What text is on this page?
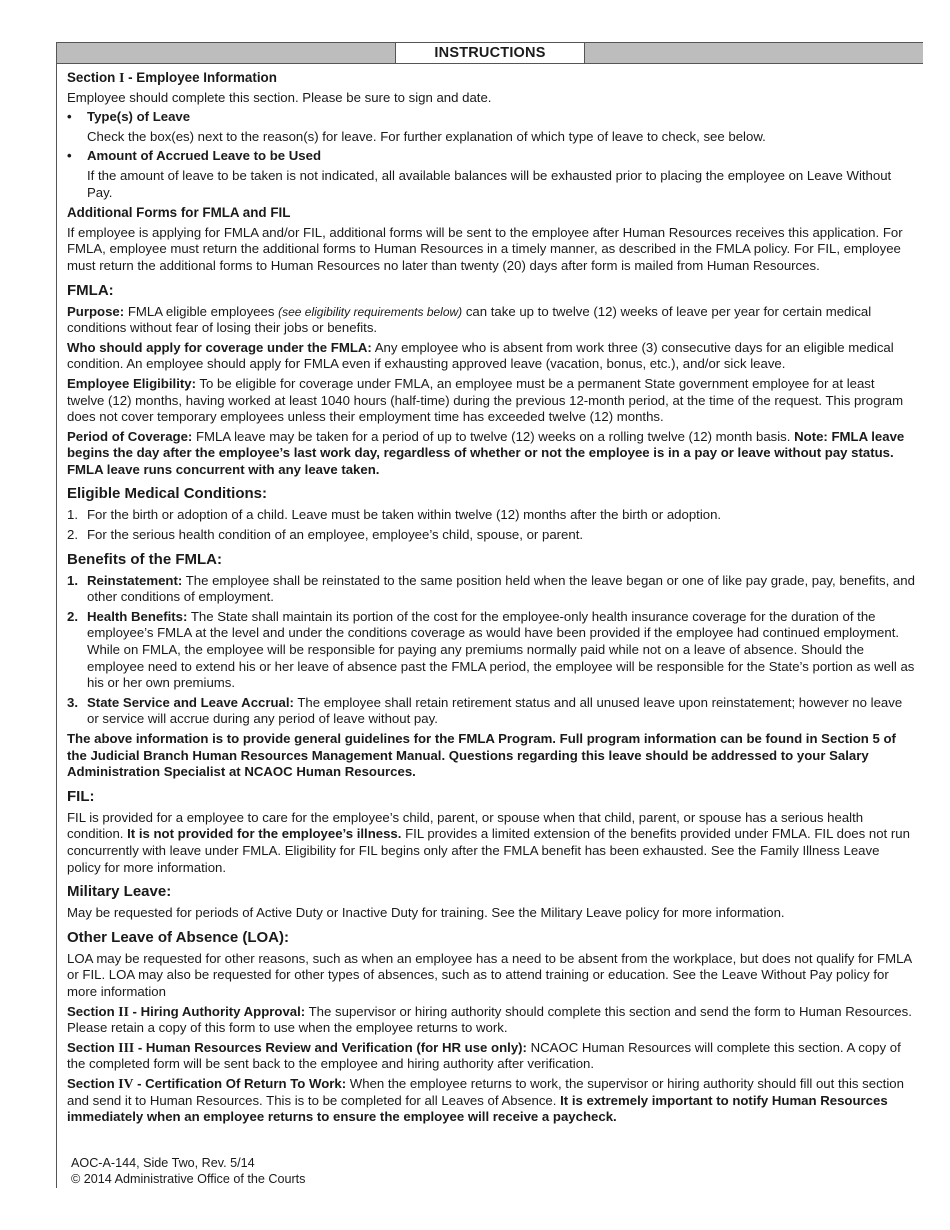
INSTRUCTIONS

Section I - Employee Information

Employee should complete this section. Please be sure to sign and date.

• Type(s) of Leave

Check the box(es) next to the reason(s) for leave. For further explanation of which type of leave to check, see below.

• Amount of Accrued Leave to be Used

If the amount of leave to be taken is not indicated, all available balances will be exhausted prior to placing the employee on Leave Without Pay.

Additional Forms for FMLA and FIL

If employee is applying for FMLA and/or FIL, additional forms will be sent to the employee after Human Resources receives this application. For FMLA, employee must return the additional forms to Human Resources in a timely manner, as described in the FMLA policy. For FIL, employee must return the additional forms to Human Resources no later than twenty (20) days after form is mailed from Human Resources.

FMLA:

Purpose: FMLA eligible employees (see eligibility requirements below) can take up to twelve (12) weeks of leave per year for certain medical conditions without fear of losing their jobs or benefits.

Who should apply for coverage under the FMLA: Any employee who is absent from work three (3) consecutive days for an eligible medical condition. An employee should apply for FMLA even if exhausting approved leave (vacation, bonus, etc.), and/or sick leave.

Employee Eligibility: To be eligible for coverage under FMLA, an employee must be a permanent State government employee for at least twelve (12) months, having worked at least 1040 hours (half-time) during the previous 12-month period, at the time of the request. This program does not cover temporary employees unless their employment time has exceeded twelve (12) months.

Period of Coverage: FMLA leave may be taken for a period of up to twelve (12) weeks on a rolling twelve (12) month basis. Note: FMLA leave begins the day after the employee’s last work day, regardless of whether or not the employee is in a pay or leave without pay status. FMLA leave runs concurrent with any leave taken.

Eligible Medical Conditions:

1. For the birth or adoption of a child. Leave must be taken within twelve (12) months after the birth or adoption.
2. For the serious health condition of an employee, employee’s child, spouse, or parent.

Benefits of the FMLA:

1. Reinstatement: The employee shall be reinstated to the same position held when the leave began or one of like pay grade, pay, benefits, and other conditions of employment.
2. Health Benefits: The State shall maintain its portion of the cost for the employee-only health insurance coverage for the duration of the employee’s FMLA at the level and under the conditions coverage as would have been provided if the employee had continued employment. While on FMLA, the employee will be responsible for paying any premiums normally paid while not on a leave of absence. Should the employee need to extend his or her leave of absence past the FMLA period, the employee will be responsible for the State’s portion as well as his or her own premiums.
3. State Service and Leave Accrual: The employee shall retain retirement status and all unused leave upon reinstatement; however no leave or service will accrue during any period of leave without pay.

The above information is to provide general guidelines for the FMLA Program. Full program information can be found in Section 5 of the Judicial Branch Human Resources Management Manual. Questions regarding this leave should be addressed to your Salary Administration Specialist at NCAOC Human Resources.

FIL:

FIL is provided for a employee to care for the employee’s child, parent, or spouse when that child, parent, or spouse has a serious health condition. It is not provided for the employee’s illness. FIL provides a limited extension of the benefits provided under FMLA. FIL does not run concurrently with leave under FMLA. Eligibility for FIL begins only after the FMLA benefit has been exhausted. See the Family Illness Leave policy for more information.

Military Leave:

May be requested for periods of Active Duty or Inactive Duty for training. See the Military Leave policy for more information.

Other Leave of Absence (LOA):

LOA may be requested for other reasons, such as when an employee has a need to be absent from the workplace, but does not qualify for FMLA or FIL. LOA may also be requested for other types of absences, such as to attend training or education. See the Leave Without Pay policy for more information

Section II - Hiring Authority Approval: The supervisor or hiring authority should complete this section and send the form to Human Resources. Please retain a copy of this form to use when the employee returns to work.

Section III - Human Resources Review and Verification (for HR use only): NCAOC Human Resources will complete this section. A copy of the completed form will be sent back to the employee and hiring authority after verification.

Section IV - Certification Of Return To Work: When the employee returns to work, the supervisor or hiring authority should fill out this section and send it to Human Resources. This is to be completed for all Leaves of Absence. It is extremely important to notify Human Resources immediately when an employee returns to ensure the employee will receive a paycheck.

AOC-A-144, Side Two, Rev. 5/14

© 2014 Administrative Office of the Courts
